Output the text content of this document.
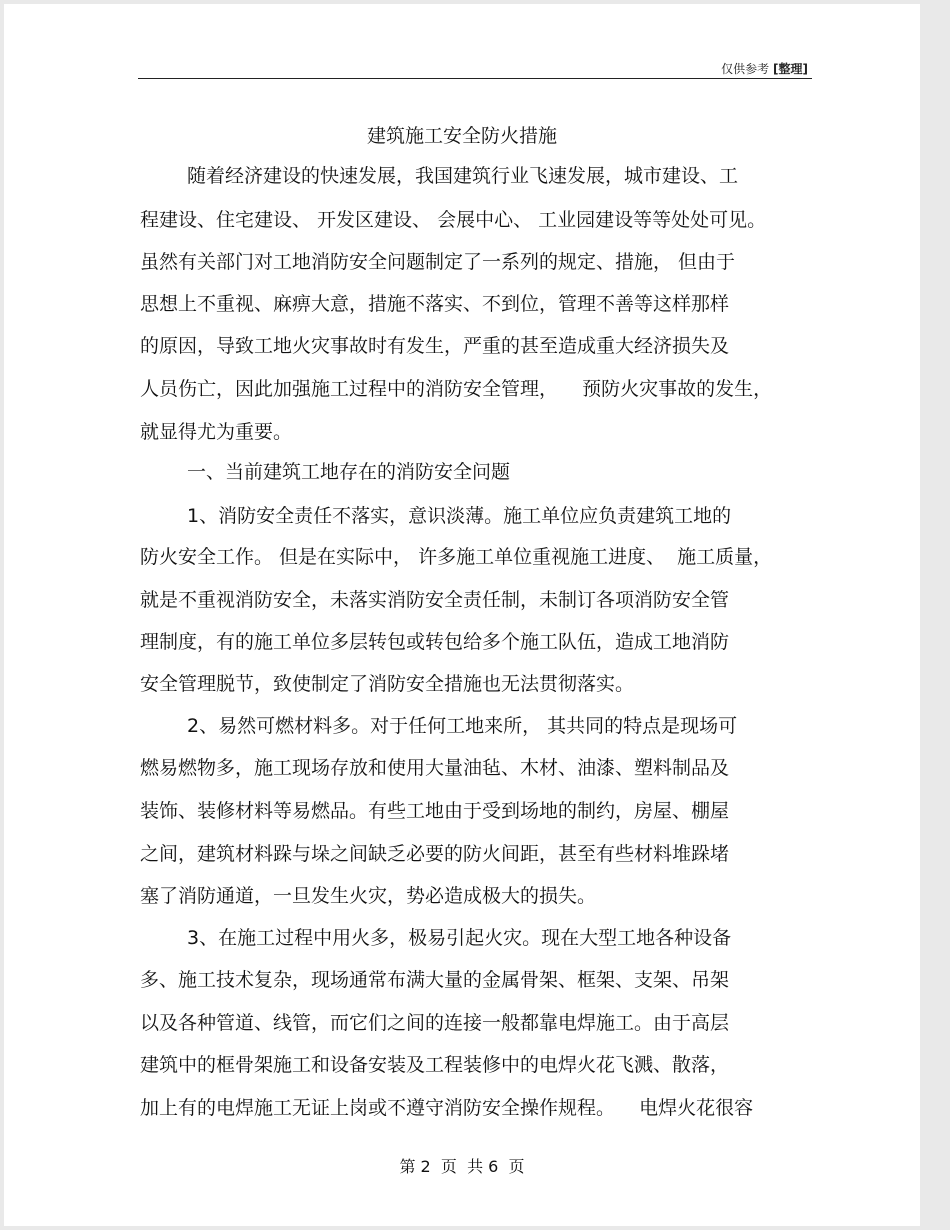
仅供参考 [整理]
建筑施工安全防火措施
随着经济建设的快速发展，我国建筑行业飞速发展，城市建设、工
程建设、住宅建设、 开发区建设、 会展中心、 工业园建设等等处处可见。
虽然有关部门对工地消防安全问题制定了一系列的规定、措施， 但由于
思想上不重视、麻痹大意，措施不落实、不到位，管理不善等这样那样
的原因，导致工地火灾事故时有发生，严重的甚至造成重大经济损失及
人员伤亡，因此加强施工过程中的消防安全管理，    预防火灾事故的发生，
就显得尤为重要。
一、当前建筑工地存在的消防安全问题
1、消防安全责任不落实，意识淡薄。施工单位应负责建筑工地的
防火安全工作。 但是在实际中， 许多施工单位重视施工进度、  施工质量，
就是不重视消防安全，未落实消防安全责任制，未制订各项消防安全管
理制度，有的施工单位多层转包或转包给多个施工队伍，造成工地消防
安全管理脱节，致使制定了消防安全措施也无法贯彻落实。
2、易然可燃材料多。对于任何工地来所， 其共同的特点是现场可
燃易燃物多，施工现场存放和使用大量油毡、木材、油漆、塑料制品及
装饰、装修材料等易燃品。有些工地由于受到场地的制约，房屋、棚屋
之间，建筑材料跺与垛之间缺乏必要的防火间距，甚至有些材料堆跺堵
塞了消防通道，一旦发生火灾，势必造成极大的损失。
3、在施工过程中用火多，极易引起火灾。现在大型工地各种设备
多、施工技术复杂，现场通常布满大量的金属骨架、框架、支架、吊架
以及各种管道、线管，而它们之间的连接一般都靠电焊施工。由于高层
建筑中的框骨架施工和设备安装及工程装修中的电焊火花飞溅、散落，
加上有的电焊施工无证上岗或不遵守消防安全操作规程。    电焊火花很容
第 2  页  共 6  页
